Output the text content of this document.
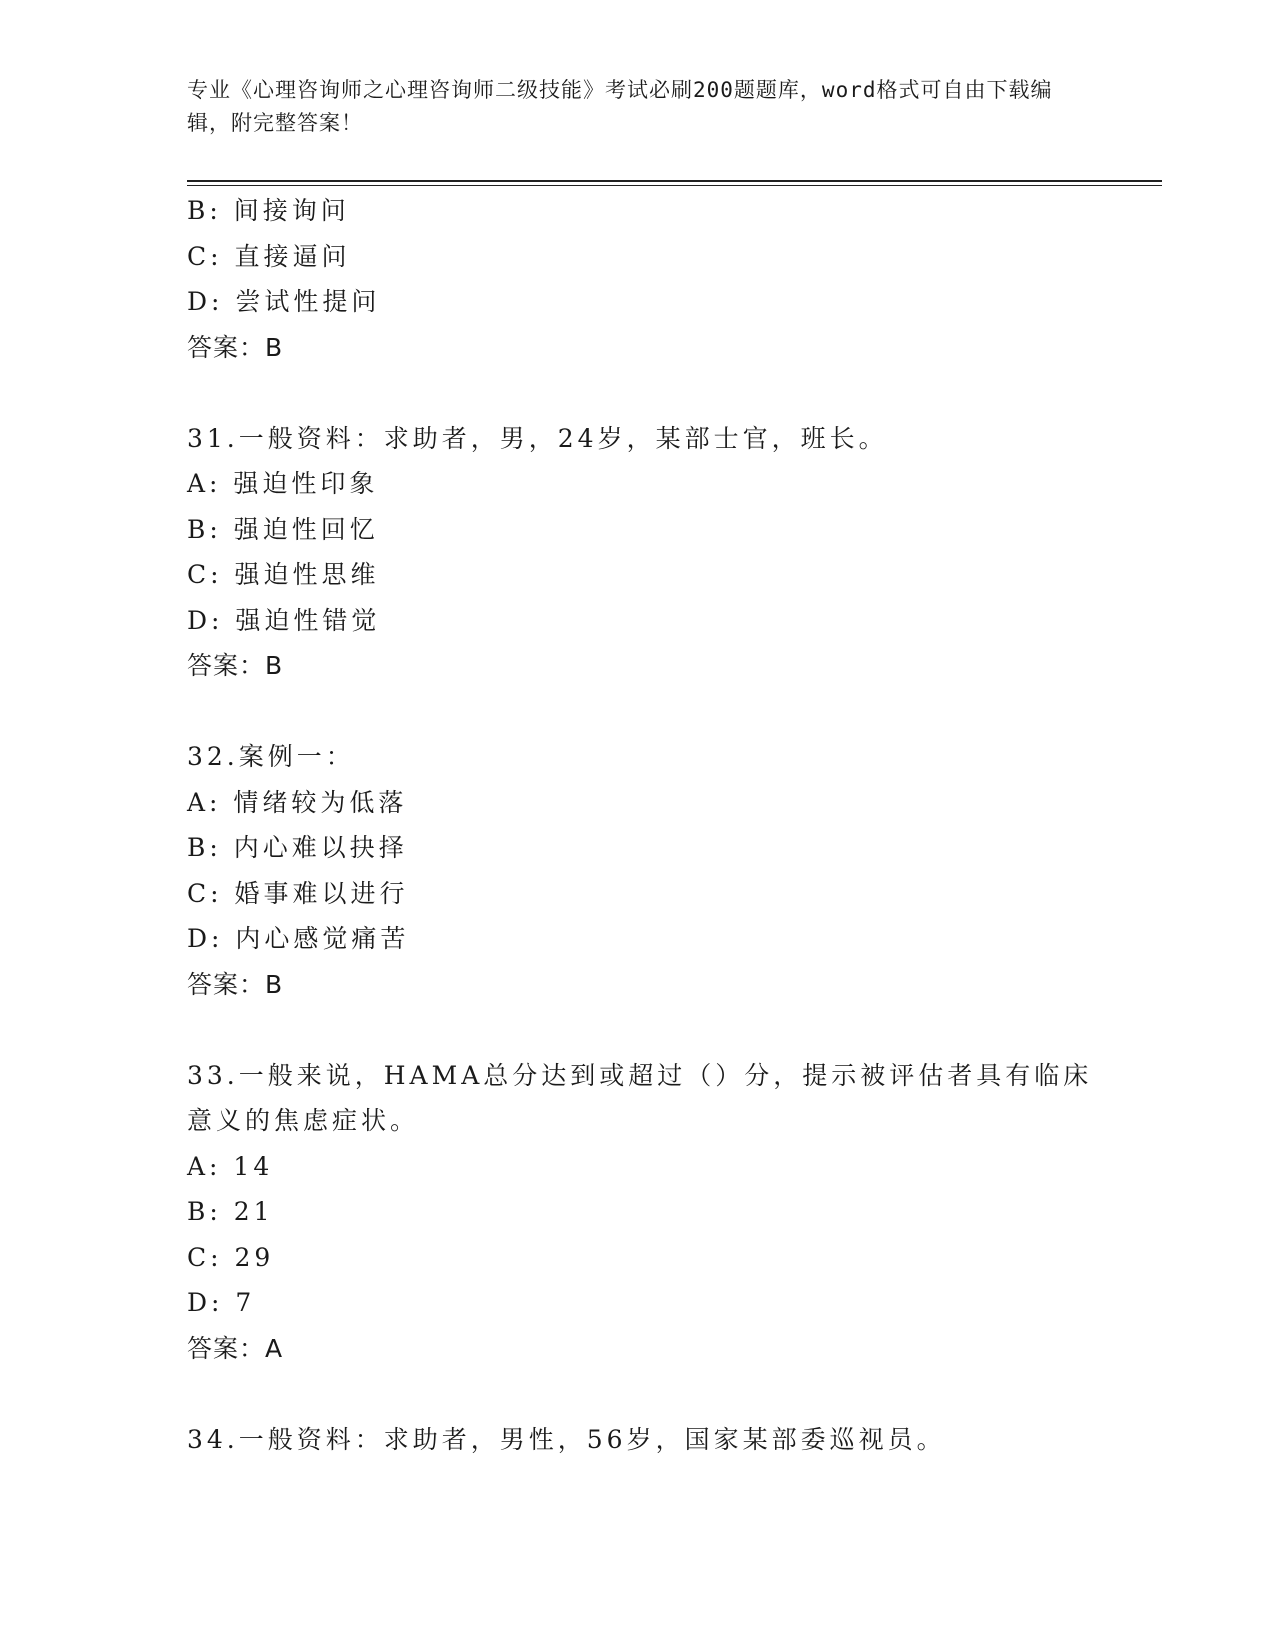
专业《心理咨询师之心理咨询师二级技能》考试必刷200题题库，word格式可自由下载编辑，附完整答案！
B: 间接询问
C: 直接逼问
D: 尝试性提问
答案：B
31.一般资料：求助者，男，24岁，某部士官，班长。
A: 强迫性印象
B: 强迫性回忆
C: 强迫性思维
D: 强迫性错觉
答案：B
32.案例一：
A: 情绪较为低落
B: 内心难以抉择
C: 婚事难以进行
D: 内心感觉痛苦
答案：B
33.一般来说，HAMA总分达到或超过（）分，提示被评估者具有临床意义的焦虑症状。
A: 14
B: 21
C: 29
D: 7
答案：A
34.一般资料：求助者，男性，56岁，国家某部委巡视员。
